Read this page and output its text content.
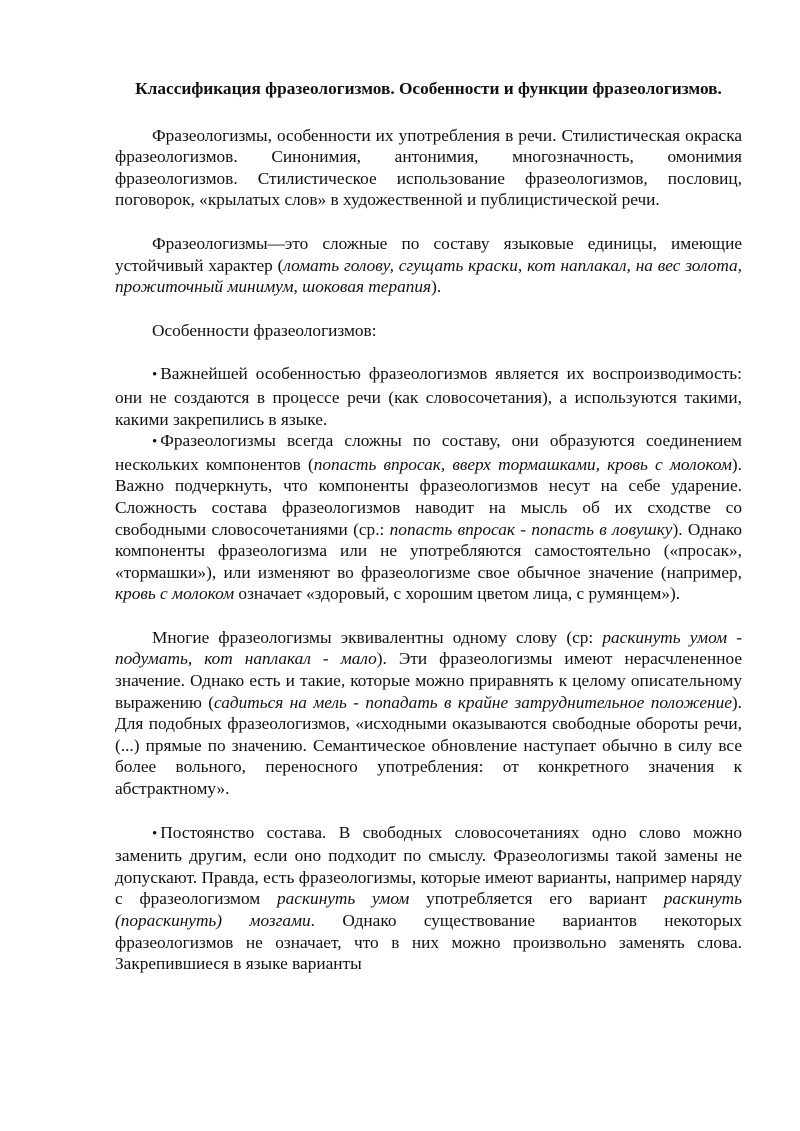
Классификация фразеологизмов. Особенности и функции фразеологизмов.

Фразеологизмы, особенности их употребления в речи. Стилистическая окраска фразеологизмов. Синонимия, антонимия, многозначность, омонимия фразеологизмов. Стилистическое использование фразеологизмов, пословиц, поговорок, «крылатых слов» в художественной и публицистической речи.

Фразеологизмы—это сложные по составу языковые единицы, имеющие устойчивый характер (ломать голову, сгущать краски, кот наплакал, на вес золота, прожиточный минимум, шоковая терапия).

Особенности фразеологизмов:

• Важнейшей особенностью фразеологизмов является их воспроизводимость: они не создаются в процессе речи (как словосочетания), а используются такими, какими закрепились в языке.

• Фразеологизмы всегда сложны по составу, они образуются соединением нескольких компонентов (попасть впросак, вверх тормашками, кровь с молоком). Важно подчеркнуть, что компоненты фразеологизмов несут на себе ударение. Сложность состава фразеологизмов наводит на мысль об их сходстве со свободными словосочетаниями (ср.: попасть впросак - попасть в ловушку). Однако компоненты фразеологизма или не употребляются самостоятельно («просак», «тормашки»), или изменяют во фразеологизме свое обычное значение (например, кровь с молоком означает «здоровый, с хорошим цветом лица, с румянцем»).

Многие фразеологизмы эквивалентны одному слову (ср: раскинуть умом - подумать, кот наплакал - мало). Эти фразеологизмы имеют нерасчлененное значение. Однако есть и такие, которые можно приравнять к целому описательному выражению (садиться на мель - попадать в крайне затруднительное положение). Для подобных фразеологизмов, «исходными оказываются свободные обороты речи, (...) прямые по значению. Семантическое обновление наступает обычно в силу все более вольного, переносного употребления: от конкретного значения к абстрактному».

• Постоянство состава. В свободных словосочетаниях одно слово можно заменить другим, если оно подходит по смыслу. Фразеологизмы такой замены не допускают. Правда, есть фразеологизмы, которые имеют варианты, например наряду с фразеологизмом раскинуть умом употребляется его вариант раскинуть (пораскинуть) мозгами. Однако существование вариантов некоторых фразеологизмов не означает, что в них можно произвольно заменять слова. Закрепившиеся в языке варианты
